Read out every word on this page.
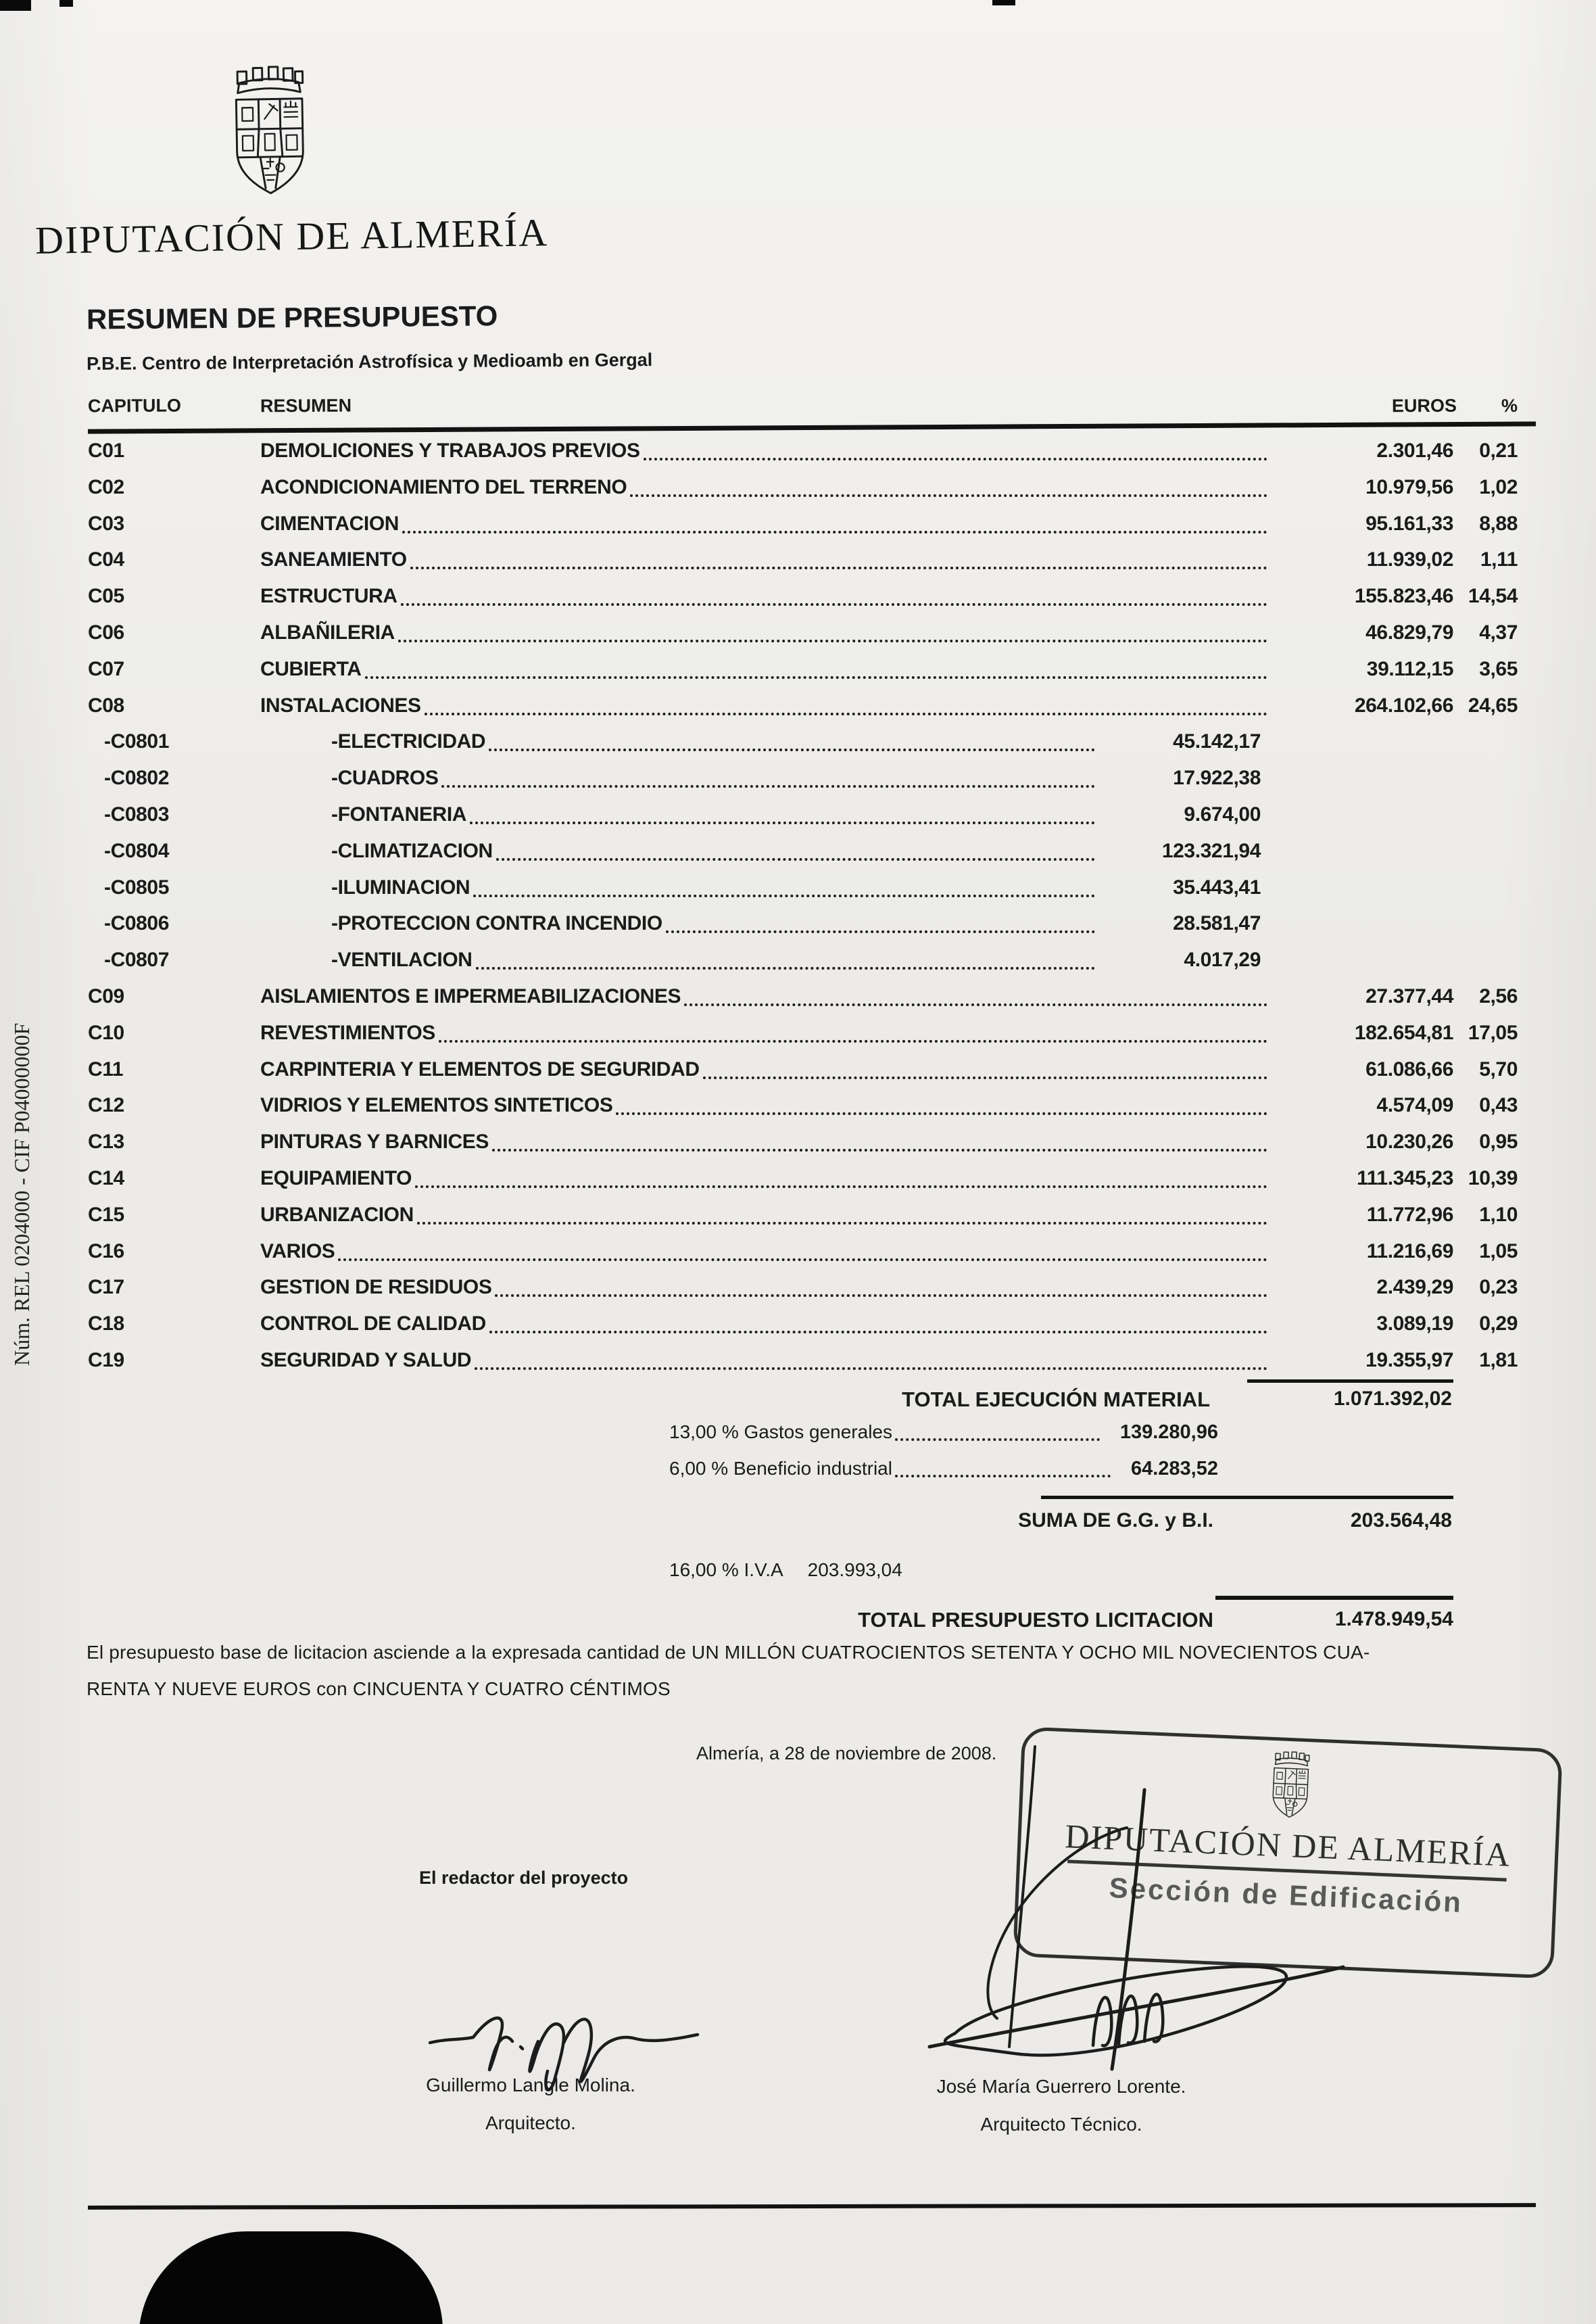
DIPUTACIÓN DE ALMERÍA
RESUMEN DE PRESUPUESTO
P.B.E. Centro de Interpretación Astrofísica y Medioamb en Gergal
CAPITULO	RESUMEN	EUROS %
C01	DEMOLICIONES Y TRABAJOS PREVIOS	2.301,46 0,21
C02	ACONDICIONAMIENTO DEL TERRENO	10.979,56 1,02
C03	CIMENTACION	95.161,33 8,88
C04	SANEAMIENTO	11.939,02 1,11
C05	ESTRUCTURA	155.823,46 14,54
C06	ALBAÑILERIA	46.829,79 4,37
C07	CUBIERTA	39.112,15 3,65
C08	INSTALACIONES	264.102,66 24,65
-C0801	-ELECTRICIDAD	45.142,17
-C0802	-CUADROS	17.922,38
-C0803	-FONTANERIA	9.674,00
-C0804	-CLIMATIZACION	123.321,94
-C0805	-ILUMINACION	35.443,41
-C0806	-PROTECCION CONTRA INCENDIO	28.581,47
-C0807	-VENTILACION	4.017,29
C09	AISLAMIENTOS E IMPERMEABILIZACIONES	27.377,44 2,56
C10	REVESTIMIENTOS	182.654,81 17,05
C11	CARPINTERIA Y ELEMENTOS DE SEGURIDAD	61.086,66 5,70
C12	VIDRIOS Y ELEMENTOS SINTETICOS	4.574,09 0,43
C13	PINTURAS Y BARNICES	10.230,26 0,95
C14	EQUIPAMIENTO	111.345,23 10,39
C15	URBANIZACION	11.772,96 1,10
C16	VARIOS	11.216,69 1,05
C17	GESTION DE RESIDUOS	2.439,29 0,23
C18	CONTROL DE CALIDAD	3.089,19 0,29
C19	SEGURIDAD Y SALUD	19.355,97 1,81
TOTAL EJECUCIÓN MATERIAL	1.071.392,02
13,00 % Gastos generales	139.280,96
6,00 % Beneficio industrial	64.283,52
SUMA DE G.G. y B.I.	203.564,48
16,00 % I.V.A	203.993,04
TOTAL PRESUPUESTO LICITACION	1.478.949,54
El presupuesto base de licitacion asciende a la expresada cantidad de UN MILLÓN CUATROCIENTOS SETENTA Y OCHO MIL NOVECIENTOS CUA-
RENTA Y NUEVE EUROS con CINCUENTA Y CUATRO CÉNTIMOS
Almería, a 28 de noviembre de 2008.
DIPUTACIÓN DE ALMERÍA
Sección de Edificación
El redactor del proyecto
Guillermo Langle Molina.
Arquitecto.
José María Guerrero Lorente.
Arquitecto Técnico.
Núm. REL 0204000 - CIF P04000000F
